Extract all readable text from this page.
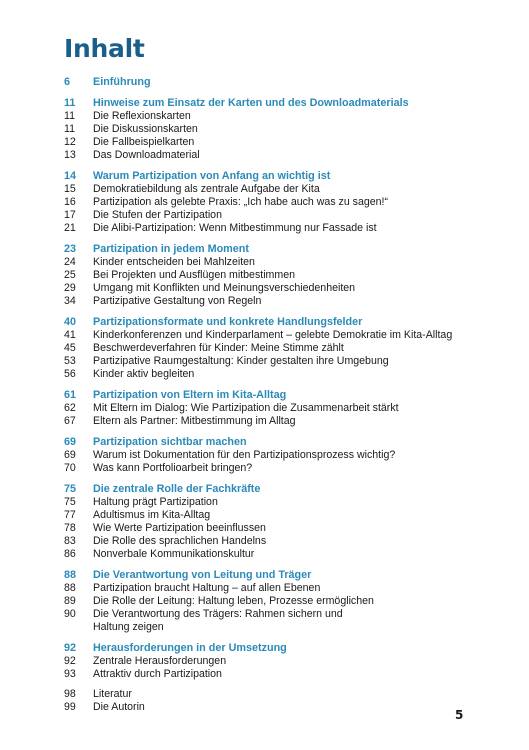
Inhalt
6	Einführung
11	Hinweise zum Einsatz der Karten und des Downloadmaterials
11	Die Reflexionskarten
11	Die Diskussionskarten
12	Die Fallbeispielkarten
13	Das Downloadmaterial
14	Warum Partizipation von Anfang an wichtig ist
15	Demokratiebildung als zentrale Aufgabe der Kita
16	Partizipation als gelebte Praxis: „Ich habe auch was zu sagen!“
17	Die Stufen der Partizipation
21	Die Alibi-Partizipation: Wenn Mitbestimmung nur Fassade ist
23	Partizipation in jedem Moment
24	Kinder entscheiden bei Mahlzeiten
25	Bei Projekten und Ausflügen mitbestimmen
29	Umgang mit Konflikten und Meinungsverschiedenheiten
34	Partizipative Gestaltung von Regeln
40	Partizipationsformate und konkrete Handlungsfelder
41	Kinderkonferenzen und Kinderparlament – gelebte Demokratie im Kita-Alltag
45	Beschwerdeverfahren für Kinder: Meine Stimme zählt
53	Partizipative Raumgestaltung: Kinder gestalten ihre Umgebung
56	Kinder aktiv begleiten
61	Partizipation von Eltern im Kita-Alltag
62	Mit Eltern im Dialog: Wie Partizipation die Zusammenarbeit stärkt
67	Eltern als Partner: Mitbestimmung im Alltag
69	Partizipation sichtbar machen
69	Warum ist Dokumentation für den Partizipationsprozess wichtig?
70	Was kann Portfolioarbeit bringen?
75	Die zentrale Rolle der Fachkräfte
75	Haltung prägt Partizipation
77	Adultismus im Kita-Alltag
78	Wie Werte Partizipation beeinflussen
83	Die Rolle des sprachlichen Handelns
86	Nonverbale Kommunikationskultur
88	Die Verantwortung von Leitung und Träger
88	Partizipation braucht Haltung – auf allen Ebenen
89	Die Rolle der Leitung: Haltung leben, Prozesse ermöglichen
90	Die Verantwortung des Trägers: Rahmen sichern und
Haltung zeigen
92	Herausforderungen in der Umsetzung
92	Zentrale Herausforderungen
93	Attraktiv durch Partizipation
98	Literatur
99	Die Autorin
5
